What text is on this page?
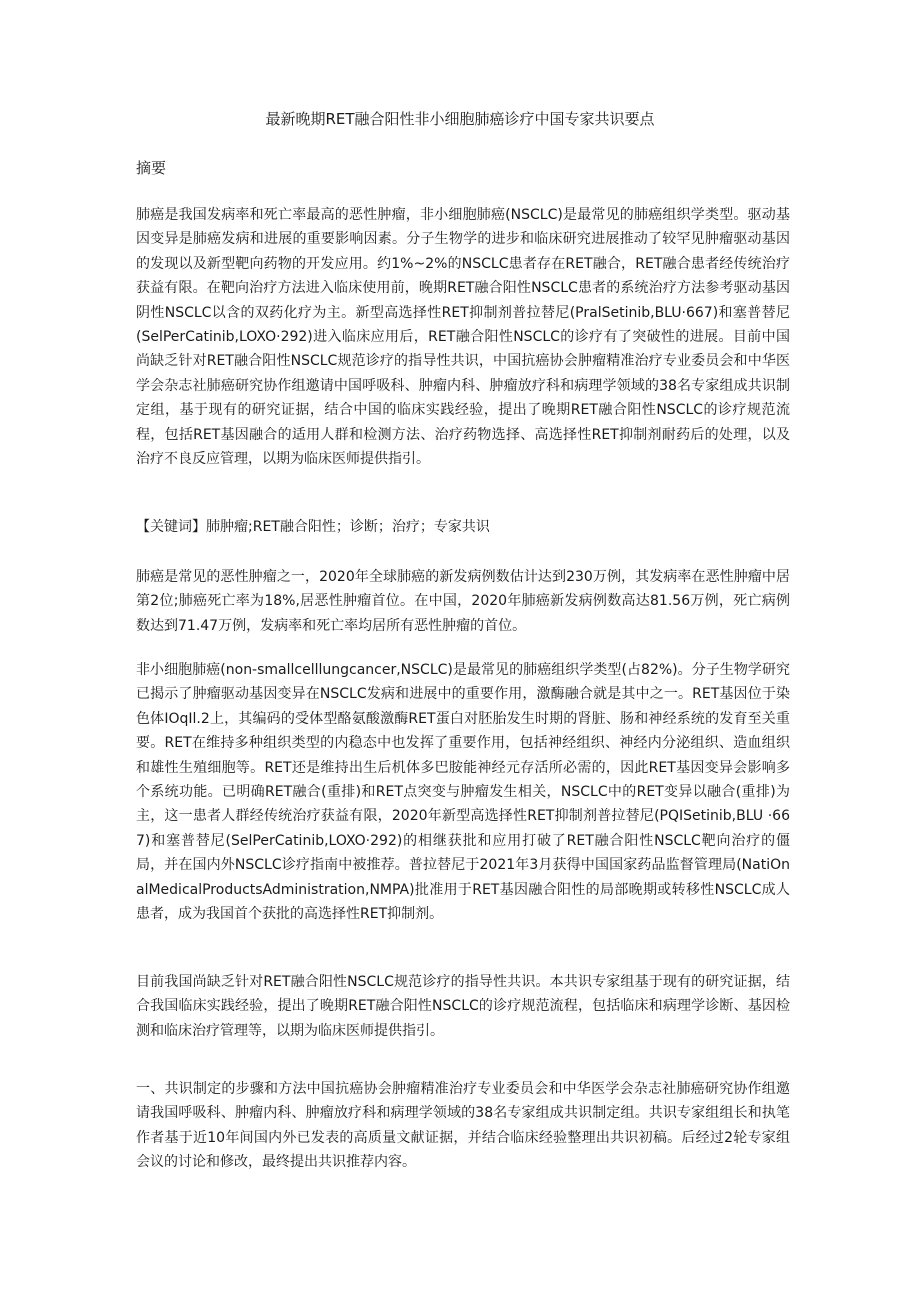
最新晚期RET融合阳性非小细胞肺癌诊疗中国专家共识要点

摘要

肺癌是我国发病率和死亡率最高的恶性肿瘤，非小细胞肺癌(NSCLC)是最常见的肺癌组织学类型。驱动基因变异是肺癌发病和进展的重要影响因素。分子生物学的进步和临床研究进展推动了较罕见肿瘤驱动基因的发现以及新型靶向药物的开发应用。约1%~2%的NSCLC患者存在RET融合，RET融合患者经传统治疗获益有限。在靶向治疗方法进入临床使用前，晚期RET融合阳性NSCLC患者的系统治疗方法参考驱动基因阴性NSCLC以含的双药化疗为主。新型高选择性RET抑制剂普拉替尼(PralSetinib,BLU·667)和塞普替尼(SelPerCatinib,LOXO·292)进入临床应用后，RET融合阳性NSCLC的诊疗有了突破性的进展。目前中国尚缺乏针对RET融合阳性NSCLC规范诊疗的指导性共识，中国抗癌协会肿瘤精准治疗专业委员会和中华医学会杂志社肺癌研究协作组邀请中国呼吸科、肿瘤内科、肿瘤放疗科和病理学领域的38名专家组成共识制定组，基于现有的研究证据，结合中国的临床实践经验，提出了晚期RET融合阳性NSCLC的诊疗规范流程，包括RET基因融合的适用人群和检测方法、治疗药物选择、高选择性RET抑制剂耐药后的处理，以及治疗不良反应管理，以期为临床医师提供指引。

【关键词】肺肿瘤;RET融合阳性；诊断；治疗；专家共识

肺癌是常见的恶性肿瘤之一，2020年全球肺癌的新发病例数估计达到230万例，其发病率在恶性肿瘤中居第2位;肺癌死亡率为18%,居恶性肿瘤首位。在中国，2020年肺癌新发病例数高达81.56万例，死亡病例数达到71.47万例，发病率和死亡率均居所有恶性肿瘤的首位。

非小细胞肺癌(non-smallcelllungcancer,NSCLC)是最常见的肺癌组织学类型(占82%)。分子生物学研究已揭示了肿瘤驱动基因变异在NSCLC发病和进展中的重要作用，激酶融合就是其中之一。RET基因位于染色体IOqIl.2上，其编码的受体型酪氨酸激酶RET蛋白对胚胎发生时期的肾脏、肠和神经系统的发育至关重要。RET在维持多种组织类型的内稳态中也发挥了重要作用，包括神经组织、神经内分泌组织、造血组织和雄性生殖细胞等。RET还是维持出生后机体多巴胺能神经元存活所必需的，因此RET基因变异会影响多个系统功能。已明确RET融合(重排)和RET点突变与肿瘤发生相关，NSCLC中的RET变异以融合(重排)为主，这一患者人群经传统治疗获益有限，2020年新型高选择性RET抑制剂普拉替尼(PQISetinib,BLU ·667)和塞普替尼(SelPerCatinib,LOXO·292)的相继获批和应用打破了RET融合阳性NSCLC靶向治疗的僵局，并在国内外NSCLC诊疗指南中被推荐。普拉替尼于2021年3月获得中国国家药品监督管理局(NatiOnalMedicalProductsAdministration,NMPA)批准用于RET基因融合阳性的局部晚期或转移性NSCLC成人患者，成为我国首个获批的高选择性RET抑制剂。

目前我国尚缺乏针对RET融合阳性NSCLC规范诊疗的指导性共识。本共识专家组基于现有的研究证据，结合我国临床实践经验，提出了晚期RET融合阳性NSCLC的诊疗规范流程，包括临床和病理学诊断、基因检测和临床治疗管理等，以期为临床医师提供指引。

一、共识制定的步骤和方法中国抗癌协会肿瘤精准治疗专业委员会和中华医学会杂志社肺癌研究协作组邀请我国呼吸科、肿瘤内科、肿瘤放疗科和病理学领域的38名专家组成共识制定组。共识专家组组长和执笔作者基于近10年间国内外已发表的高质量文献证据，并结合临床经验整理出共识初稿。后经过2轮专家组会议的讨论和修改，最终提出共识推荐内容。
